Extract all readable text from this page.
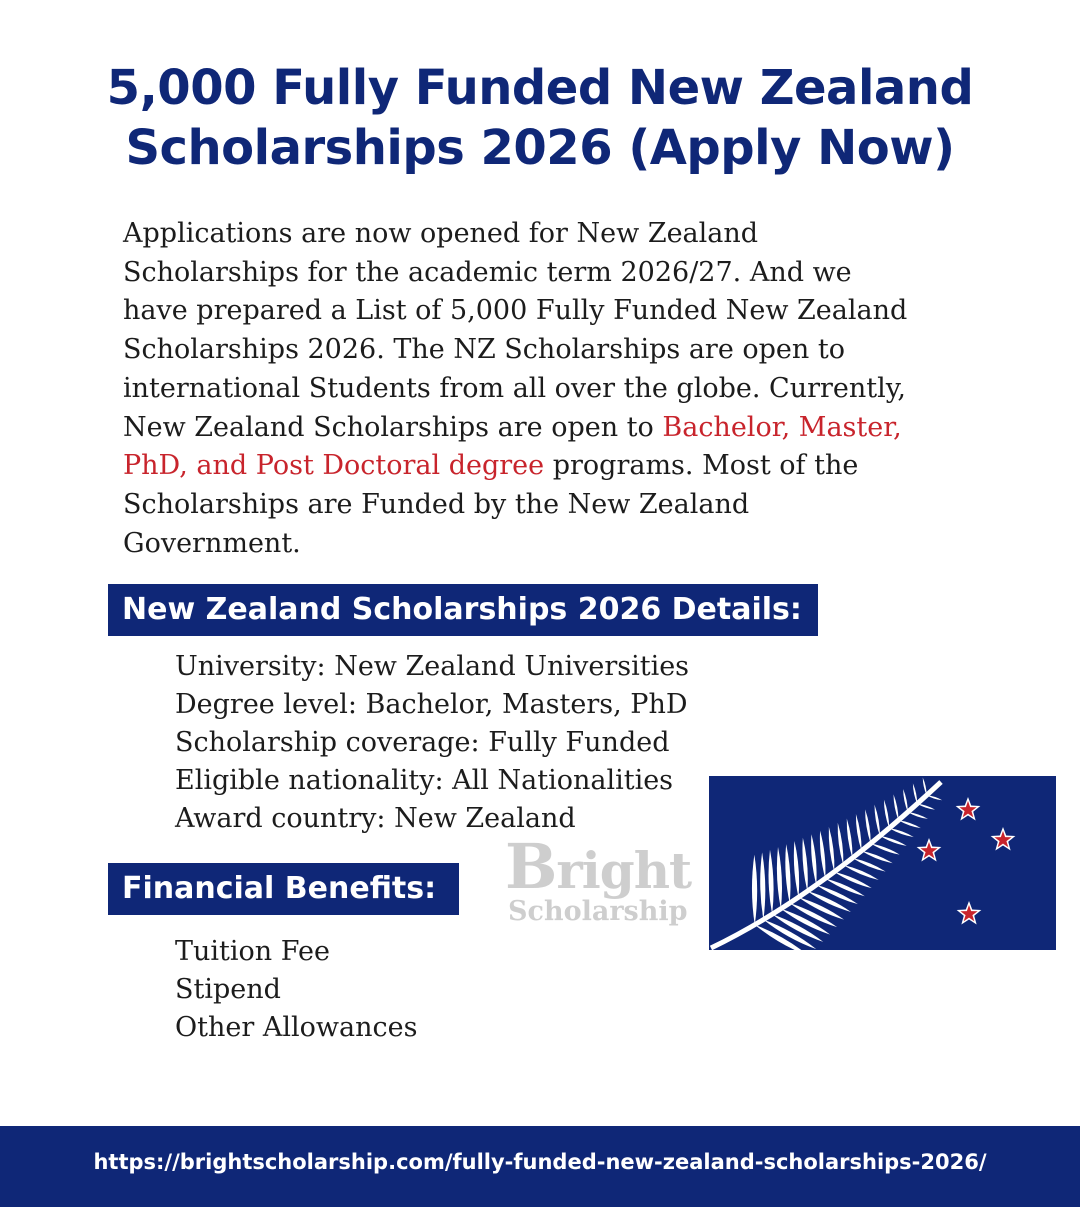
5,000 Fully Funded New Zealand
Scholarships 2026 (Apply Now)

Applications are now opened for New Zealand Scholarships for the academic term 2026/27. And we have prepared a List of 5,000 Fully Funded New Zealand Scholarships 2026. The NZ Scholarships are open to international Students from all over the globe. Currently, New Zealand Scholarships are open to Bachelor, Master, PhD, and Post Doctoral degree programs. Most of the Scholarships are Funded by the New Zealand Government.

New Zealand Scholarships 2026 Details:
University: New Zealand Universities
Degree level: Bachelor, Masters, PhD
Scholarship coverage: Fully Funded
Eligible nationality: All Nationalities
Award country: New Zealand
Bright
Scholarship
Financial Benefits:
Tuition Fee
Stipend
Other Allowances
https://brightscholarship.com/fully-funded-new-zealand-scholarships-2026/
